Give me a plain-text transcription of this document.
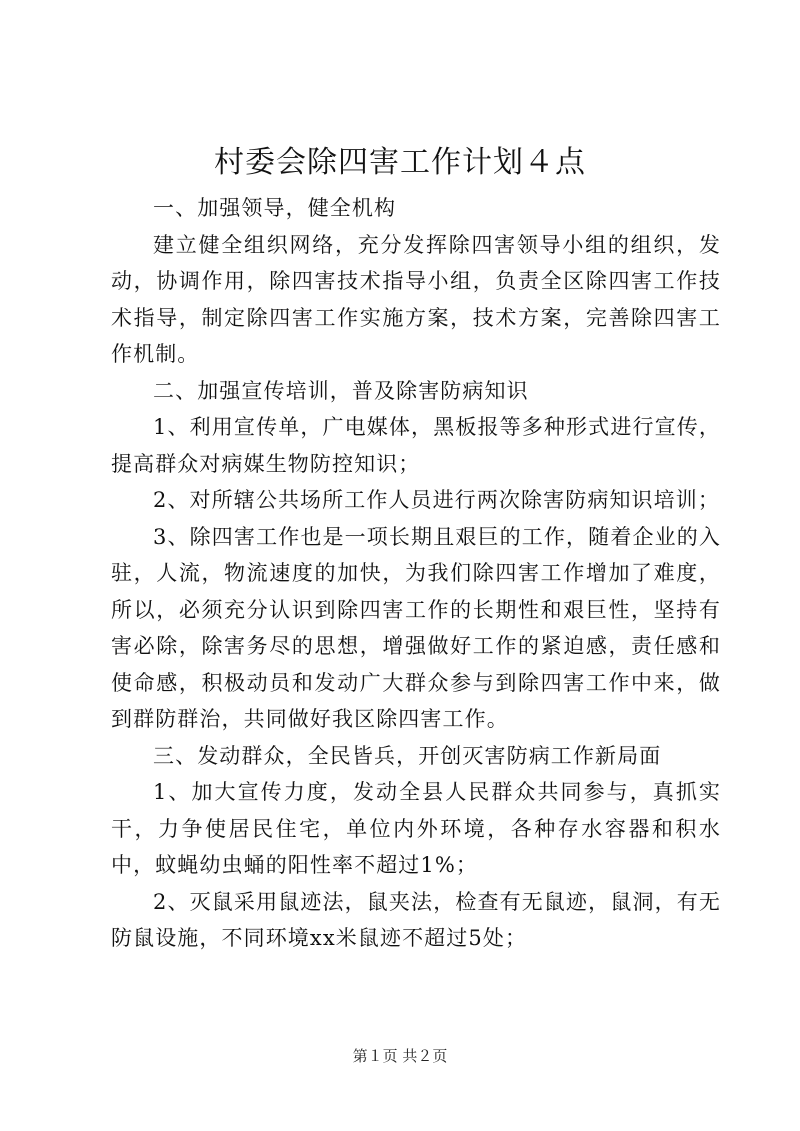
村委会除四害工作计划４点

一、加强领导，健全机构

建立健全组织网络，充分发挥除四害领导小组的组织，发动，协调作用，除四害技术指导小组，负责全区除四害工作技术指导，制定除四害工作实施方案，技术方案，完善除四害工作机制。

二、加强宣传培训，普及除害防病知识

1、利用宣传单，广电媒体，黑板报等多种形式进行宣传，提高群众对病媒生物防控知识；

2、对所辖公共场所工作人员进行两次除害防病知识培训；

3、除四害工作也是一项长期且艰巨的工作，随着企业的入驻，人流，物流速度的加快，为我们除四害工作增加了难度，所以，必须充分认识到除四害工作的长期性和艰巨性，坚持有害必除，除害务尽的思想，增强做好工作的紧迫感，责任感和使命感，积极动员和发动广大群众参与到除四害工作中来，做到群防群治，共同做好我区除四害工作。

三、发动群众，全民皆兵，开创灭害防病工作新局面

1、加大宣传力度，发动全县人民群众共同参与，真抓实干，力争使居民住宅，单位内外环境，各种存水容器和积水中，蚊蝇幼虫蛹的阳性率不超过1%；

2、灭鼠采用鼠迹法，鼠夹法，检查有无鼠迹，鼠洞，有无防鼠设施，不同环境xx米鼠迹不超过5处；

第１页 共２页
